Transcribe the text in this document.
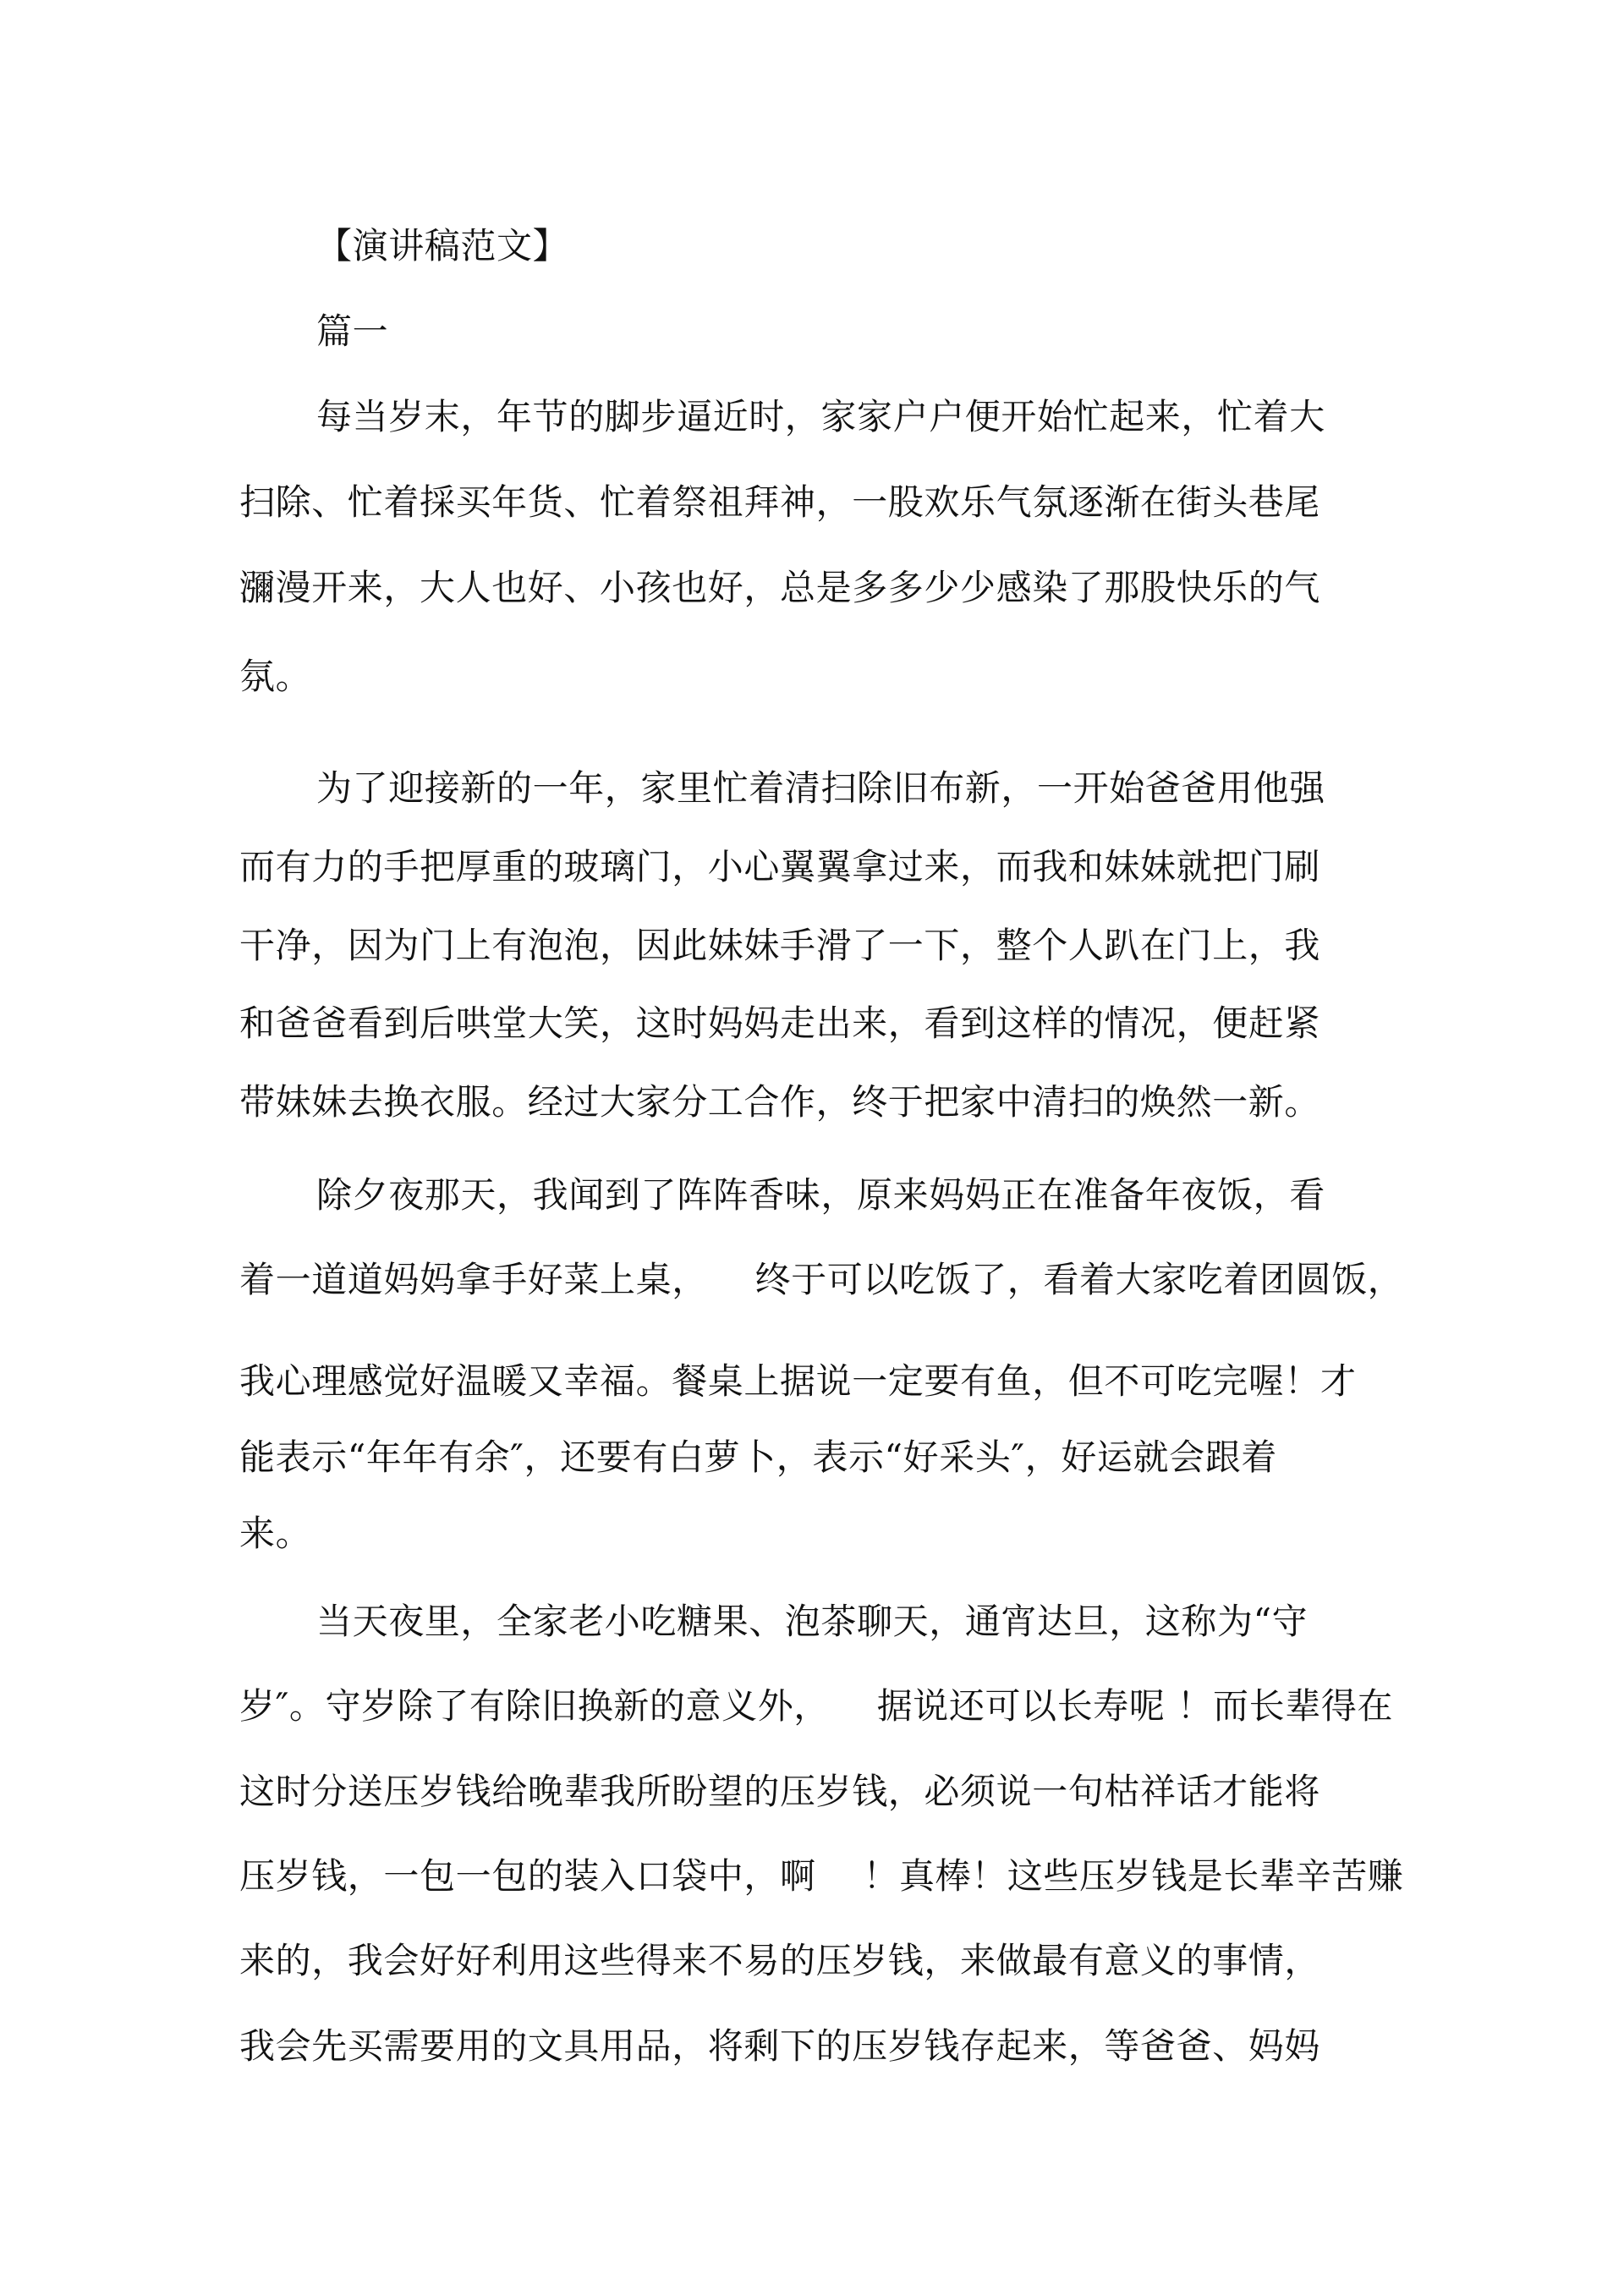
【演讲稿范文】
篇一
每当岁末，年节的脚步逼近时，家家户户便开始忙起来，忙着大
扫除、忙着採买年货、忙着祭祖拜神，一股欢乐气氛逐渐在街头巷尾
瀰漫开来，大人也好、小孩也好，总是多多少少感染了那股快乐的气
氛。
为了迎接新的一年，家里忙着清扫除旧布新，一开始爸爸用他强
而有力的手把厚重的玻璃门，小心翼翼拿过来，而我和妹妹就把门刷
干净，因为门上有泡泡，因此妹妹手滑了一下，整个人趴在门上，我
和爸爸看到后哄堂大笑，这时妈妈走出来，看到这样的情况，便赶紧
带妹妹去换衣服。经过大家分工合作，终于把家中清扫的焕然一新。
除夕夜那天，我闻到了阵阵香味，原来妈妈正在准备年夜饭，看
着一道道妈妈拿手好菜上桌，    终于可以吃饭了，看着大家吃着团圆饭，
我心理感觉好温暖又幸福。餐桌上据说一定要有鱼，但不可吃完喔！才
能表示“年年有余″，还要有白萝卜，表示“好采头″，好运就会跟着
来。
当天夜里，全家老小吃糖果、泡茶聊天，通宵达旦，这称为“守
岁″。守岁除了有除旧换新的意义外，    据说还可以长寿呢 ！而长辈得在
这时分送压岁钱给晚辈我所盼望的压岁钱，必须说一句枯祥话才能将
压岁钱，一包一包的装入口袋中，啊    ！真棒！这些压岁钱是长辈辛苦赚
来的，我会好好利用这些得来不易的压岁钱，来做最有意义的事情，
我会先买需要用的文具用品，将剩下的压岁钱存起来，等爸爸、妈妈
